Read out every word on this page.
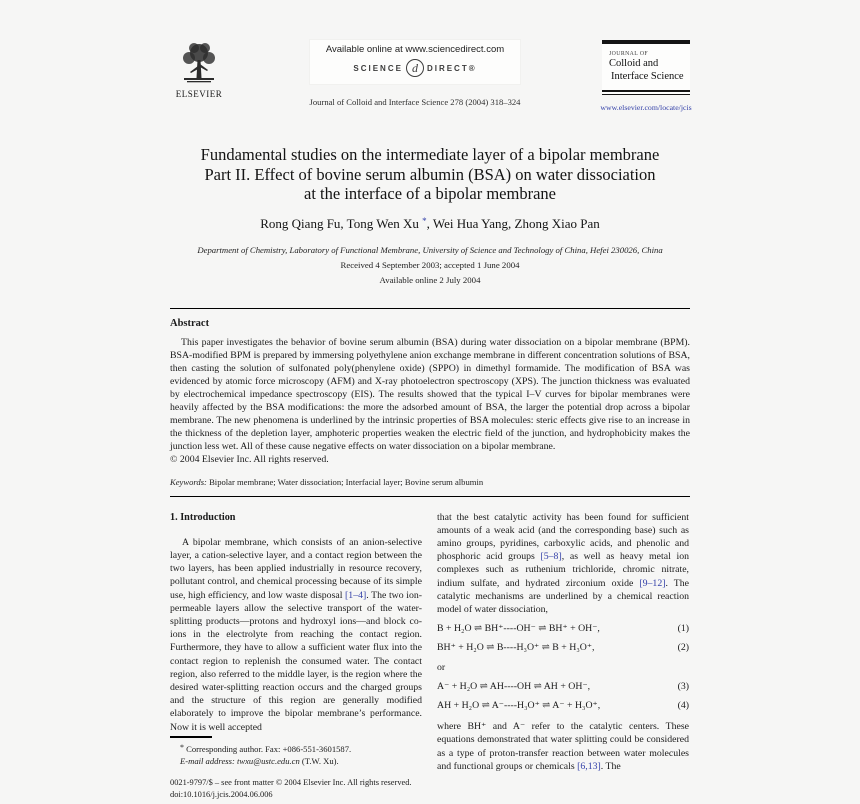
ELSEVIER
Available online at www.sciencedirect.com
SCIENCE d	DIRECT®
Journal of Colloid and Interface Science 278 (2004) 318–324
JOURNAL OF
Colloid and
Interface Science
www.elsevier.com/locate/jcis
Fundamental studies on the intermediate layer of a bipolar membrane
Part II. Effect of bovine serum albumin (BSA) on water dissociation
at the interface of a bipolar membrane
Rong Qiang Fu, Tong Wen Xu *, Wei Hua Yang, Zhong Xiao Pan
Department of Chemistry, Laboratory of Functional Membrane, University of Science and Technology of China, Hefei 230026, China
Received 4 September 2003; accepted 1 June 2004
Available online 2 July 2004
Abstract
This paper investigates the behavior of bovine serum albumin (BSA) during water dissociation on a bipolar membrane (BPM). BSA-modified BPM is prepared by immersing polyethylene anion exchange membrane in different concentration solutions of BSA, then casting the solution of sulfonated poly(phenylene oxide) (SPPO) in dimethyl formamide. The modification of BSA was evidenced by atomic force microscopy (AFM) and X-ray photoelectron spectroscopy (XPS). The junction thickness was evaluated by electrochemical impedance spectroscopy (EIS). The results showed that the typical I–V curves for bipolar membranes were heavily affected by the BSA modifications: the more the adsorbed amount of BSA, the larger the potential drop across a bipolar membrane. The new phenomena is underlined by the intrinsic properties of BSA molecules: steric effects give rise to an increase in the thickness of the depletion layer, amphoteric properties weaken the electric field of the junction, and hydrophobicity makes the junction less wet. All of these cause negative effects on water dissociation on a bipolar membrane.
© 2004 Elsevier Inc. All rights reserved.
Keywords: Bipolar membrane; Water dissociation; Interfacial layer; Bovine serum albumin
1. Introduction

A bipolar membrane, which consists of an anion-selective layer, a cation-selective layer, and a contact region between the two layers, has been applied industrially in resource recovery, pollutant control, and chemical processing because of its simple use, high efficiency, and low waste disposal [1–4]. The two ion-permeable layers allow the selective transport of the water-splitting products—protons and hydroxyl ions—and block co-ions in the electrolyte from reaching the contact region. Furthermore, they have to allow a sufficient water flux into the contact region to replenish the consumed water. The contact region, also referred to the middle layer, is the region where the desired water-splitting reaction occurs and the charged groups and the structure of this region are generally modified elaborately to improve the bipolar membrane’s performance. Now it is well accepted

* Corresponding author. Fax: +086-551-3601587.
E-mail address: twxu@ustc.edu.cn (T.W. Xu).
0021-9797/$ – see front matter © 2004 Elsevier Inc. All rights reserved.
doi:10.1016/j.jcis.2004.06.006

that the best catalytic activity has been found for sufficient amounts of a weak acid (and the corresponding base) such as amino groups, pyridines, carboxylic acids, and phenolic and phosphoric acid groups [5–8], as well as heavy metal ion complexes such as ruthenium trichloride, chromic nitrate, indium sulfate, and hydrated zirconium oxide [9–12]. The catalytic mechanisms are underlined by a chemical reaction model of water dissociation,

B + H₂O ⇌ BH⁺----OH⁻ ⇌ BH⁺ + OH⁻,	(1)
BH⁺ + H₂O ⇌ B----H₃O⁺ ⇌ B + H₃O⁺,	(2)
or
A⁻ + H₂O ⇌ AH----OH ⇌ AH + OH⁻,	(3)
AH + H₂O ⇌ A⁻----H₃O⁺ ⇌ A⁻ + H₃O⁺,	(4)

where BH⁺ and A⁻ refer to the catalytic centers. These equations demonstrated that water splitting could be considered as a type of proton-transfer reaction between water molecules and functional groups or chemicals [6,13]. The
